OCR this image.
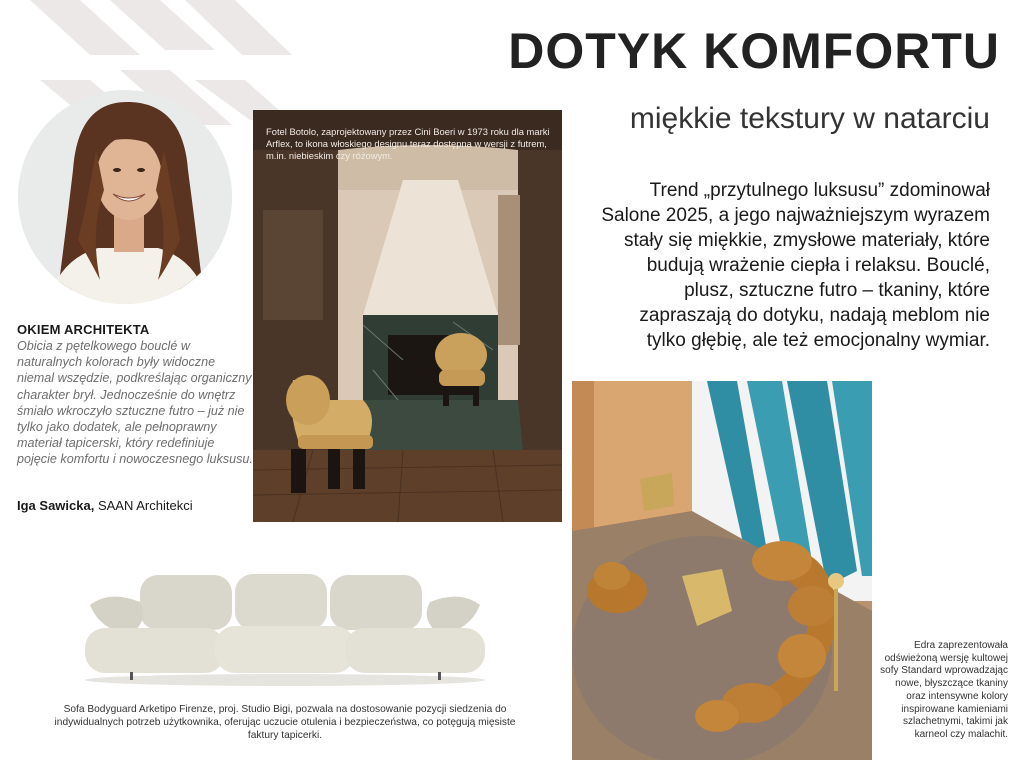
DOTYK KOMFORTU
miękkie tekstury w natarciu
Trend „przytulnego luksusu” zdominował Salone 2025, a jego najważniejszym wyrazem stały się miękkie, zmysłowe materiały, które budują wrażenie ciepła i relaksu. Bouclé, plusz, sztuczne futro – tkaniny, które zapraszają do dotyku, nadają meblom nie tylko głębię, ale też emocjonalny wymiar.
OKIEM ARCHITEKTA
Obicia z pętelkowego bouclé w naturalnych kolorach były widoczne niemal wszędzie, podkreślając organiczny charakter brył. Jednocześnie do wnętrz śmiało wkroczyło sztuczne futro – już nie tylko jako dodatek, ale pełnoprawny materiał tapicerski, który redefiniuje pojęcie komfortu i nowoczesnego luksusu.
Iga Sawicka, SAAN Architekci
Fotel Botolo, zaprojektowany przez Cini Boeri w 1973 roku dla marki Arflex, to ikona włoskiego designu teraz dostępna w wersji z futrem, m.in. niebieskim czy różowym.
Sofa Bodyguard Arketipo Firenze, proj. Studio Bigi, pozwala na dostosowanie pozycji siedzenia do indywidualnych potrzeb użytkownika, oferując uczucie otulenia i bezpieczeństwa, co potęgują mięsiste faktury tapicerki.
Edra zaprezentowała odświeżoną wersję kultowej sofy Standard wprowadzając nowe, błyszczące tkaniny oraz intensywne kolory inspirowane kamieniami szlachetnymi, takimi jak karneol czy malachit.
